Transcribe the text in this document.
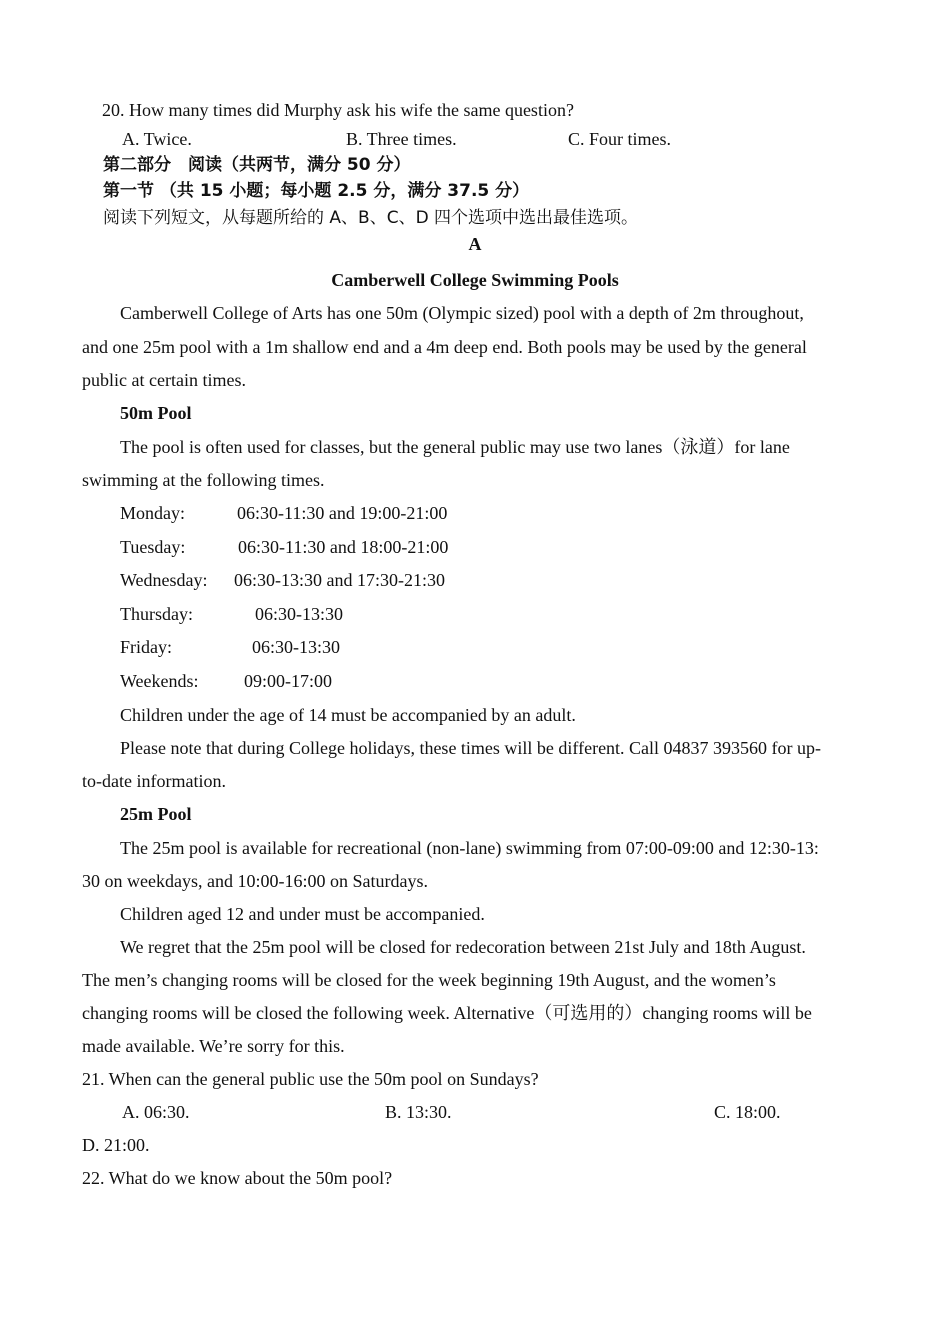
20. How many times did Murphy ask his wife the same question?
A. Twice.	B. Three times.	C. Four times.
第二部分　阅读（共两节，满分 50 分）
第一节 （共 15 小题；每小题 2.5 分，满分 37.5 分）
阅读下列短文，从每题所给的 A、B、C、D 四个选项中选出最佳选项。
A
Camberwell College Swimming Pools
Camberwell College of Arts has one 50m (Olympic sized) pool with a depth of 2m throughout,
and one 25m pool with a 1m shallow end and a 4m deep end. Both pools may be used by the general
public at certain times.
50m Pool
The pool is often used for classes, but the general public may use two lanes（泳道）for lane
swimming at the following times.
Monday:	06:30-11:30 and 19:00-21:00
Tuesday:	06:30-11:30 and 18:00-21:00
Wednesday: 06:30-13:30 and 17:30-21:30
Thursday:	06:30-13:30
Friday:	06:30-13:30
Weekends:	09:00-17:00
Children under the age of 14 must be accompanied by an adult.
Please note that during College holidays, these times will be different. Call 04837 393560 for up-
to-date information.
25m Pool
The 25m pool is available for recreational (non-lane) swimming from 07:00-09:00 and 12:30-13:
30 on weekdays, and 10:00-16:00 on Saturdays.
Children aged 12 and under must be accompanied.
We regret that the 25m pool will be closed for redecoration between 21st July and 18th August.
The men’s changing rooms will be closed for the week beginning 19th August, and the women’s
changing rooms will be closed the following week. Alternative（可选用的）changing rooms will be
made available. We’re sorry for this.
21. When can the general public use the 50m pool on Sundays?
A. 06:30.	B. 13:30.	C. 18:00.
D. 21:00.
22. What do we know about the 50m pool?
